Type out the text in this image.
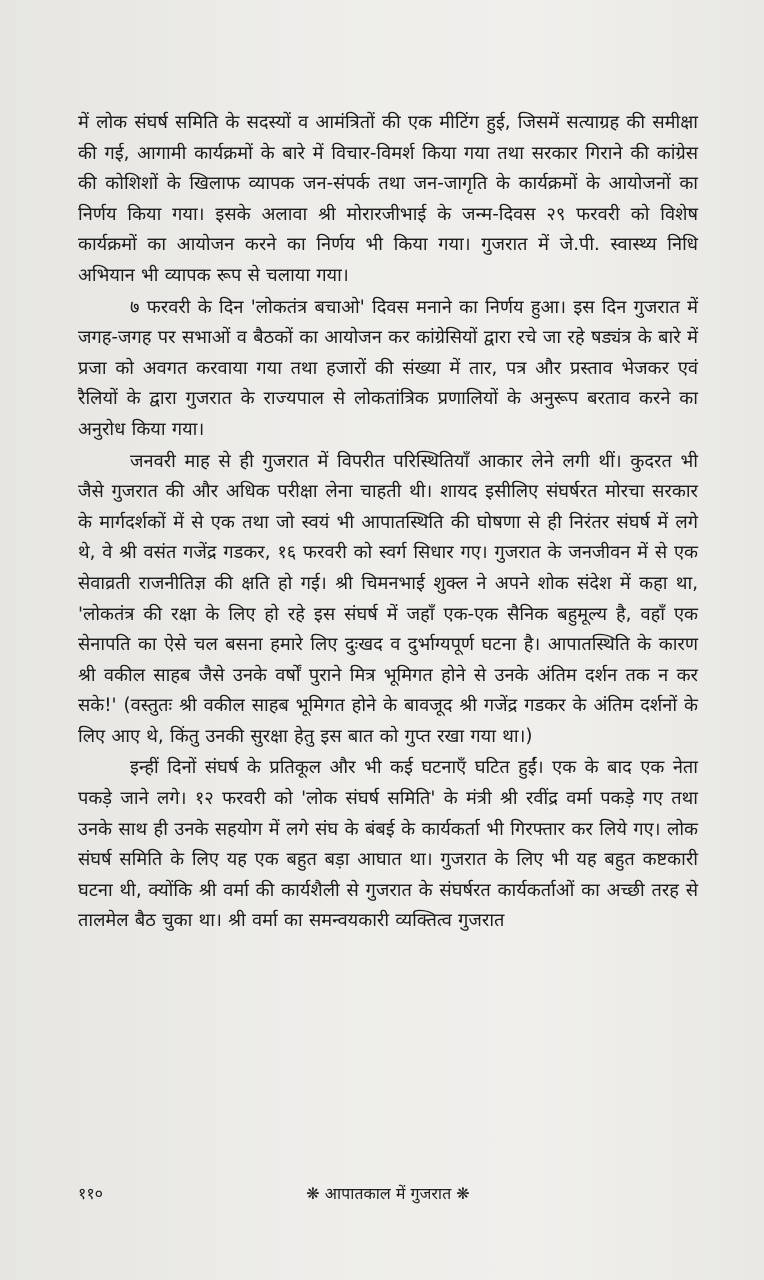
में लोक संघर्ष समिति के सदस्यों व आमंत्रितों की एक मीटिंग हुई, जिसमें सत्याग्रह की समीक्षा की गई, आगामी कार्यक्रमों के बारे में विचार-विमर्श किया गया तथा सरकार गिराने की कांग्रेस की कोशिशों के खिलाफ व्यापक जन-संपर्क तथा जन-जागृति के कार्यक्रमों के आयोजनों का निर्णय किया गया। इसके अलावा श्री मोरारजीभाई के जन्म-दिवस २९ फरवरी को विशेष कार्यक्रमों का आयोजन करने का निर्णय भी किया गया। गुजरात में जे.पी. स्वास्थ्य निधि अभियान भी व्यापक रूप से चलाया गया।

७ फरवरी के दिन 'लोकतंत्र बचाओ' दिवस मनाने का निर्णय हुआ। इस दिन गुजरात में जगह-जगह पर सभाओं व बैठकों का आयोजन कर कांग्रेसियों द्वारा रचे जा रहे षड्यंत्र के बारे में प्रजा को अवगत करवाया गया तथा हजारों की संख्या में तार, पत्र और प्रस्ताव भेजकर एवं रैलियों के द्वारा गुजरात के राज्यपाल से लोकतांत्रिक प्रणालियों के अनुरूप बरताव करने का अनुरोध किया गया।

जनवरी माह से ही गुजरात में विपरीत परिस्थितियाँ आकार लेने लगी थीं। कुदरत भी जैसे गुजरात की और अधिक परीक्षा लेना चाहती थी। शायद इसीलिए संघर्षरत मोरचा सरकार के मार्गदर्शकों में से एक तथा जो स्वयं भी आपातस्थिति की घोषणा से ही निरंतर संघर्ष में लगे थे, वे श्री वसंत गजेंद्र गडकर, १६ फरवरी को स्वर्ग सिधार गए। गुजरात के जनजीवन में से एक सेवाव्रती राजनीतिज्ञ की क्षति हो गई। श्री चिमनभाई शुक्ल ने अपने शोक संदेश में कहा था, 'लोकतंत्र की रक्षा के लिए हो रहे इस संघर्ष में जहाँ एक-एक सैनिक बहुमूल्य है, वहाँ एक सेनापति का ऐसे चल बसना हमारे लिए दुःखद व दुर्भाग्यपूर्ण घटना है। आपातस्थिति के कारण श्री वकील साहब जैसे उनके वर्षों पुराने मित्र भूमिगत होने से उनके अंतिम दर्शन तक न कर सके!' (वस्तुतः श्री वकील साहब भूमिगत होने के बावजूद श्री गजेंद्र गडकर के अंतिम दर्शनों के लिए आए थे, किंतु उनकी सुरक्षा हेतु इस बात को गुप्त रखा गया था।)

इन्हीं दिनों संघर्ष के प्रतिकूल और भी कई घटनाएँ घटित हुईं। एक के बाद एक नेता पकड़े जाने लगे। १२ फरवरी को 'लोक संघर्ष समिति' के मंत्री श्री रवींद्र वर्मा पकड़े गए तथा उनके साथ ही उनके सहयोग में लगे संघ के बंबई के कार्यकर्ता भी गिरफ्तार कर लिये गए। लोक संघर्ष समिति के लिए यह एक बहुत बड़ा आघात था। गुजरात के लिए भी यह बहुत कष्टकारी घटना थी, क्योंकि श्री वर्मा की कार्यशैली से गुजरात के संघर्षरत कार्यकर्ताओं का अच्छी तरह से तालमेल बैठ चुका था। श्री वर्मा का समन्वयकारी व्यक्तित्व गुजरात

११०	❋ आपातकाल में गुजरात ❋
